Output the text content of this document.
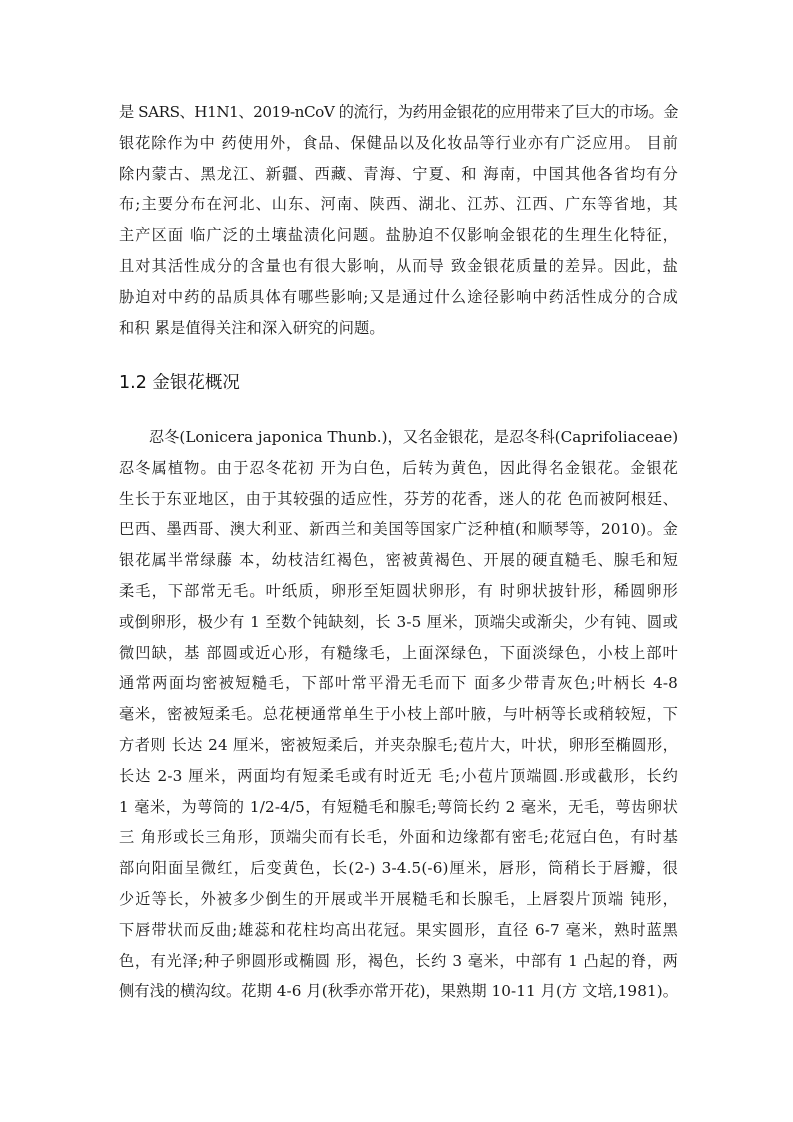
是 SARS、H1N1、2019-nCoV 的流行，为药用金银花的应用带来了巨大的市场。金
银花除作为中 药使用外，食品、保健品以及化妆品等行业亦有广泛应用。 目前
除内蒙古、黑龙江、新疆、西藏、青海、宁夏、和 海南，中国其他各省均有分
布;主要分布在河北、山东、河南、陕西、湖北、江苏、江西、广东等省地，其
主产区面 临广泛的土壤盐渍化问题。盐胁迫不仅影响金银花的生理生化特征，
且对其活性成分的含量也有很大影响，从而导 致金银花质量的差异。因此，盐
胁迫对中药的品质具体有哪些影响;又是通过什么途径影响中药活性成分的合成
和积 累是值得关注和深入研究的问题。
1.2 金银花概况
忍冬(Lonicera japonica Thunb.)，又名金银花，是忍冬科(Caprifoliaceae)
忍冬属植物。由于忍冬花初 开为白色，后转为黄色，因此得名金银花。金银花
生长于东亚地区，由于其较强的适应性，芬芳的花香，迷人的花 色而被阿根廷、
巴西、墨西哥、澳大利亚、新西兰和美国等国家广泛种植(和顺琴等，2010)。金
银花属半常绿藤 本，幼枝洁红褐色，密被黄褐色、开展的硬直糙毛、腺毛和短
柔毛，下部常无毛。叶纸质，卵形至矩圆状卵形，有 时卵状披针形，稀圆卵形
或倒卵形，极少有 1 至数个钝缺刻，长 3-5 厘米，顶端尖或渐尖，少有钝、圆或
微凹缺，基 部圆或近心形，有糙缘毛，上面深绿色，下面淡绿色，小枝上部叶
通常两面均密被短糙毛，下部叶常平滑无毛而下 面多少带青灰色;叶柄长 4-8
毫米，密被短柔毛。总花梗通常单生于小枝上部叶腋，与叶柄等长或稍较短，下
方者则 长达 24 厘米，密被短柔后，并夹杂腺毛;苞片大，叶状，卵形至椭圆形，
长达 2-3 厘米，两面均有短柔毛或有时近无 毛;小苞片顶端圆.形或截形，长约
1 毫米，为萼筒的 1/2-4/5，有短糙毛和腺毛;萼筒长约 2 毫米，无毛，萼齿卵状
三 角形或长三角形，顶端尖而有长毛，外面和边缘都有密毛;花冠白色，有时基
部向阳面呈微红，后变黄色，长(2-) 3-4.5(-6)厘米，唇形，筒稍长于唇瓣，很
少近等长，外被多少倒生的开展或半开展糙毛和长腺毛，上唇裂片顶端 钝形，
下唇带状而反曲;雄蕊和花柱均高出花冠。果实圆形，直径 6-7 毫米，熟时蓝黑
色，有光泽;种子卵圆形或椭圆 形，褐色，长约 3 毫米，中部有 1 凸起的脊，两
侧有浅的横沟纹。花期 4-6 月(秋季亦常开花)，果熟期 10-11 月(方 文培,1981)。
